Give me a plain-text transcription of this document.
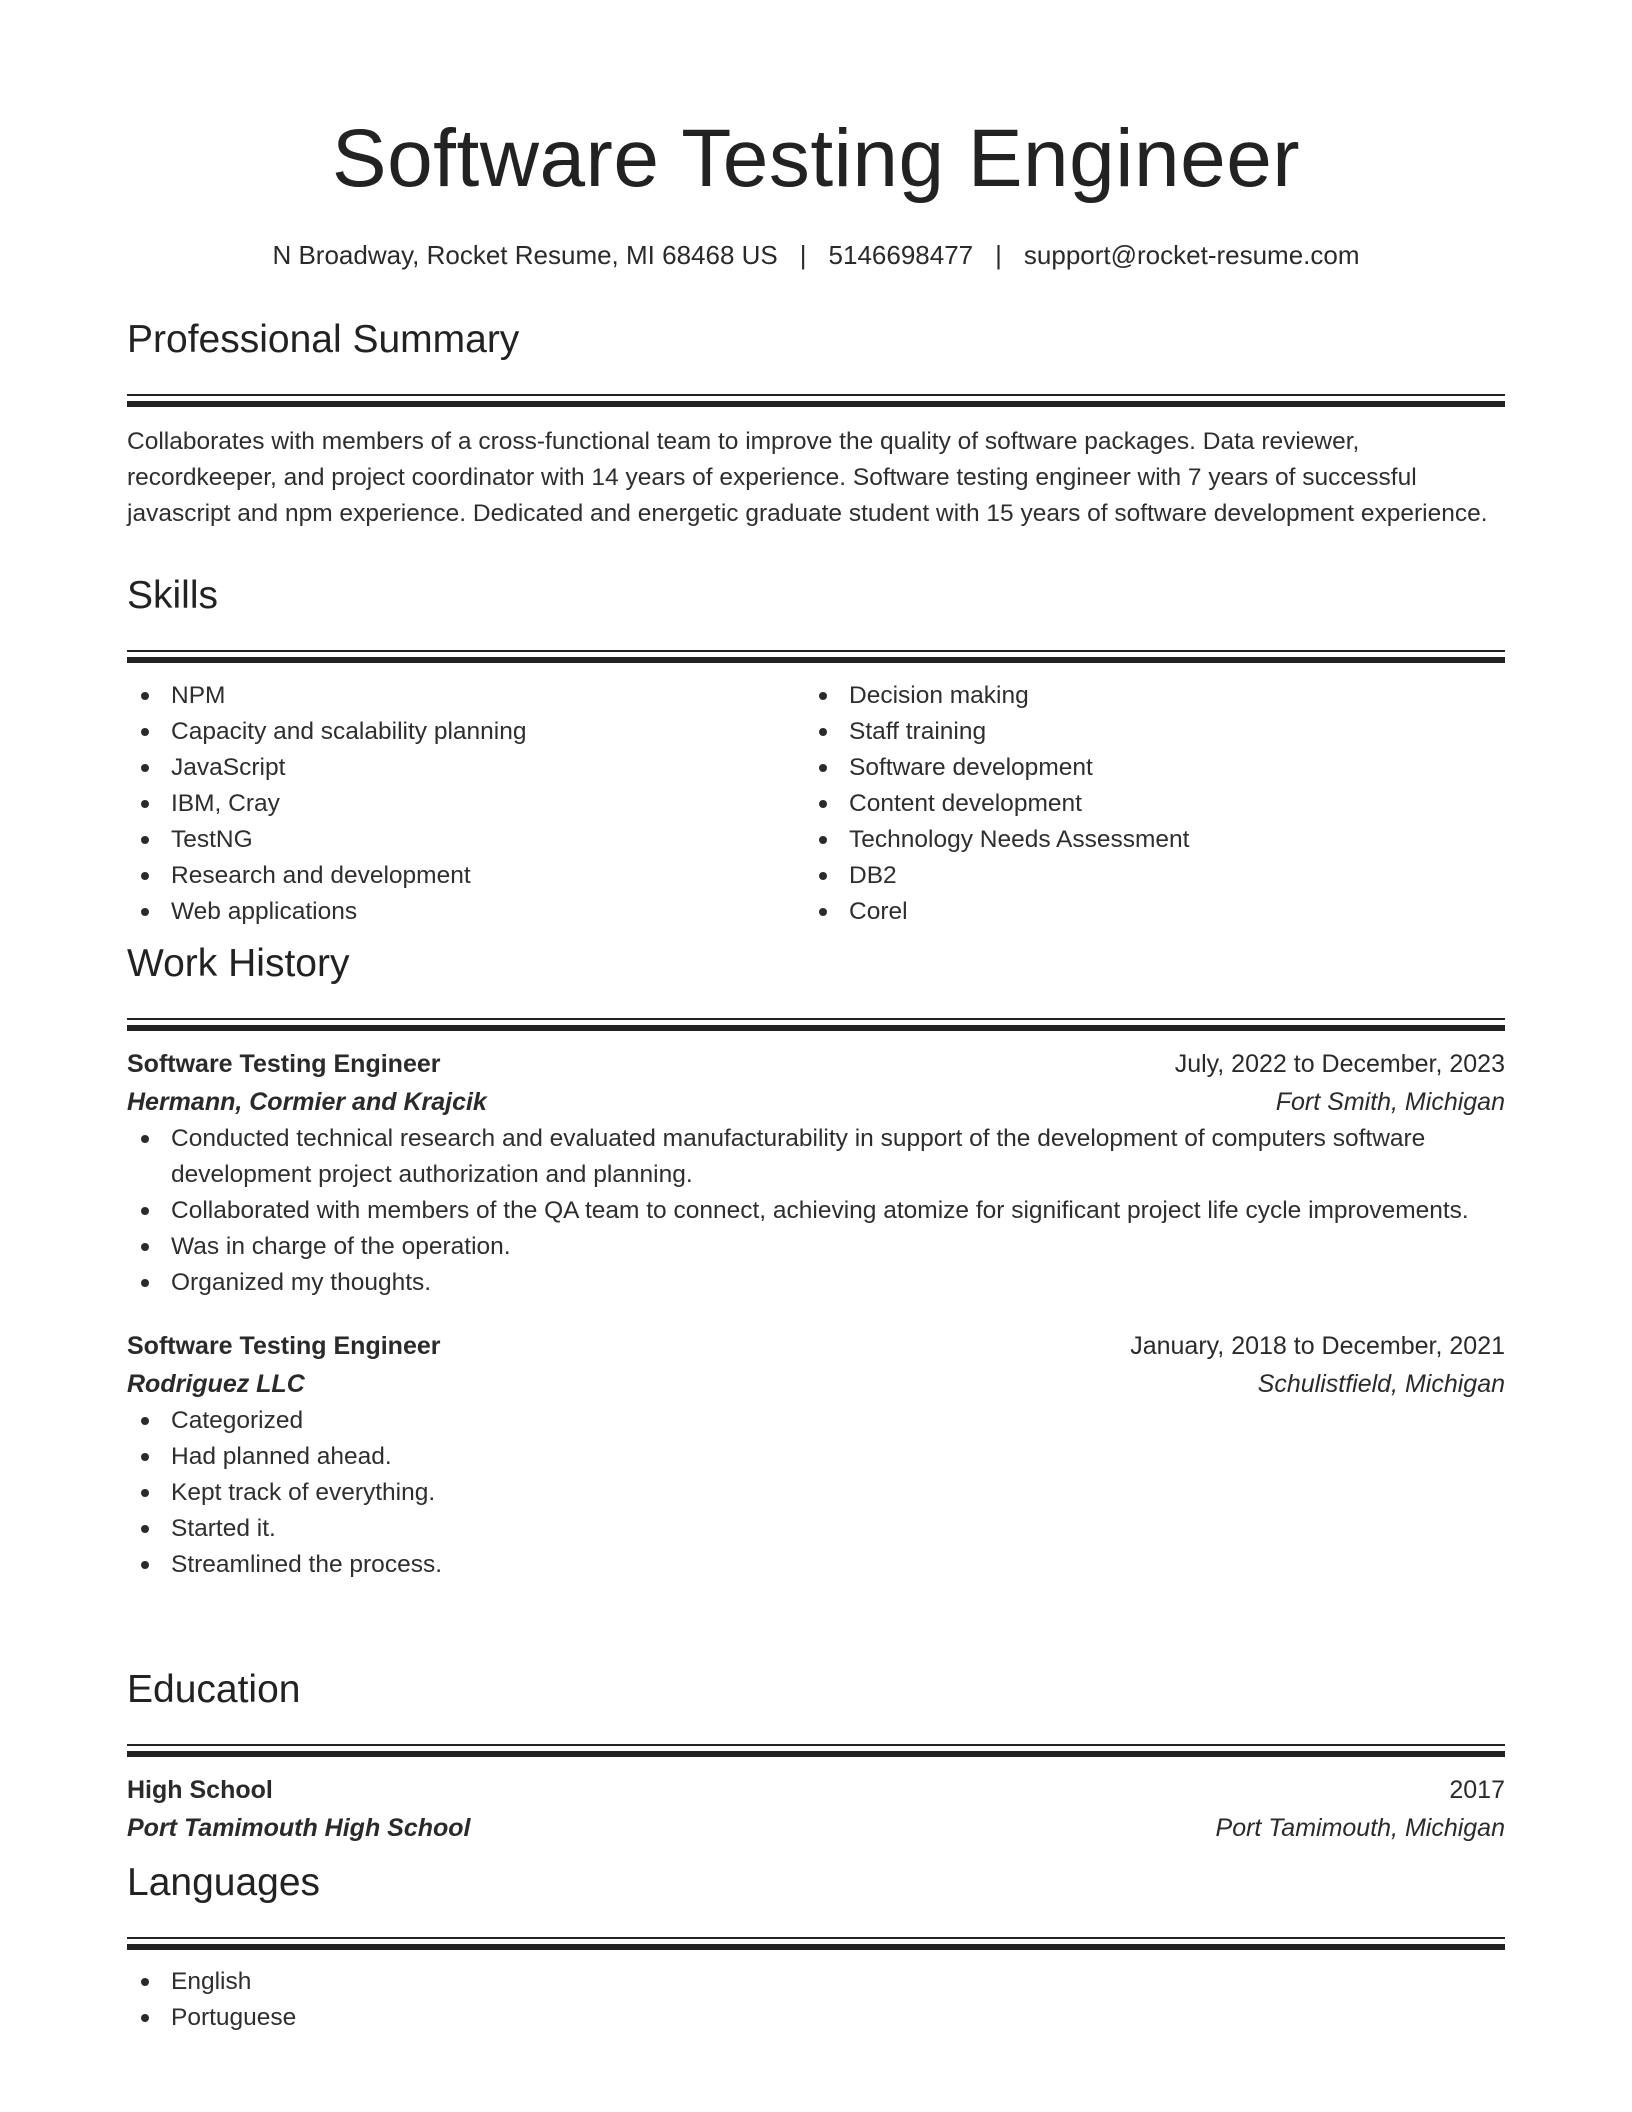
Software Testing Engineer
N Broadway, Rocket Resume, MI 68468 US | 5146698477 | support@rocket-resume.com
Professional Summary
Collaborates with members of a cross-functional team to improve the quality of software packages. Data reviewer, recordkeeper, and project coordinator with 14 years of experience. Software testing engineer with 7 years of successful javascript and npm experience. Dedicated and energetic graduate student with 15 years of software development experience.
Skills
NPM
Capacity and scalability planning
JavaScript
IBM, Cray
TestNG
Research and development
Web applications
Decision making
Staff training
Software development
Content development
Technology Needs Assessment
DB2
Corel
Work History
Software Testing Engineer	July, 2022 to December, 2023
Hermann, Cormier and Krajcik	Fort Smith, Michigan
Conducted technical research and evaluated manufacturability in support of the development of computers software development project authorization and planning.
Collaborated with members of the QA team to connect, achieving atomize for significant project life cycle improvements.
Was in charge of the operation.
Organized my thoughts.
Software Testing Engineer	January, 2018 to December, 2021
Rodriguez LLC	Schulistfield, Michigan
Categorized
Had planned ahead.
Kept track of everything.
Started it.
Streamlined the process.
Education
High School	2017
Port Tamimouth High School	Port Tamimouth, Michigan
Languages
English
Portuguese
